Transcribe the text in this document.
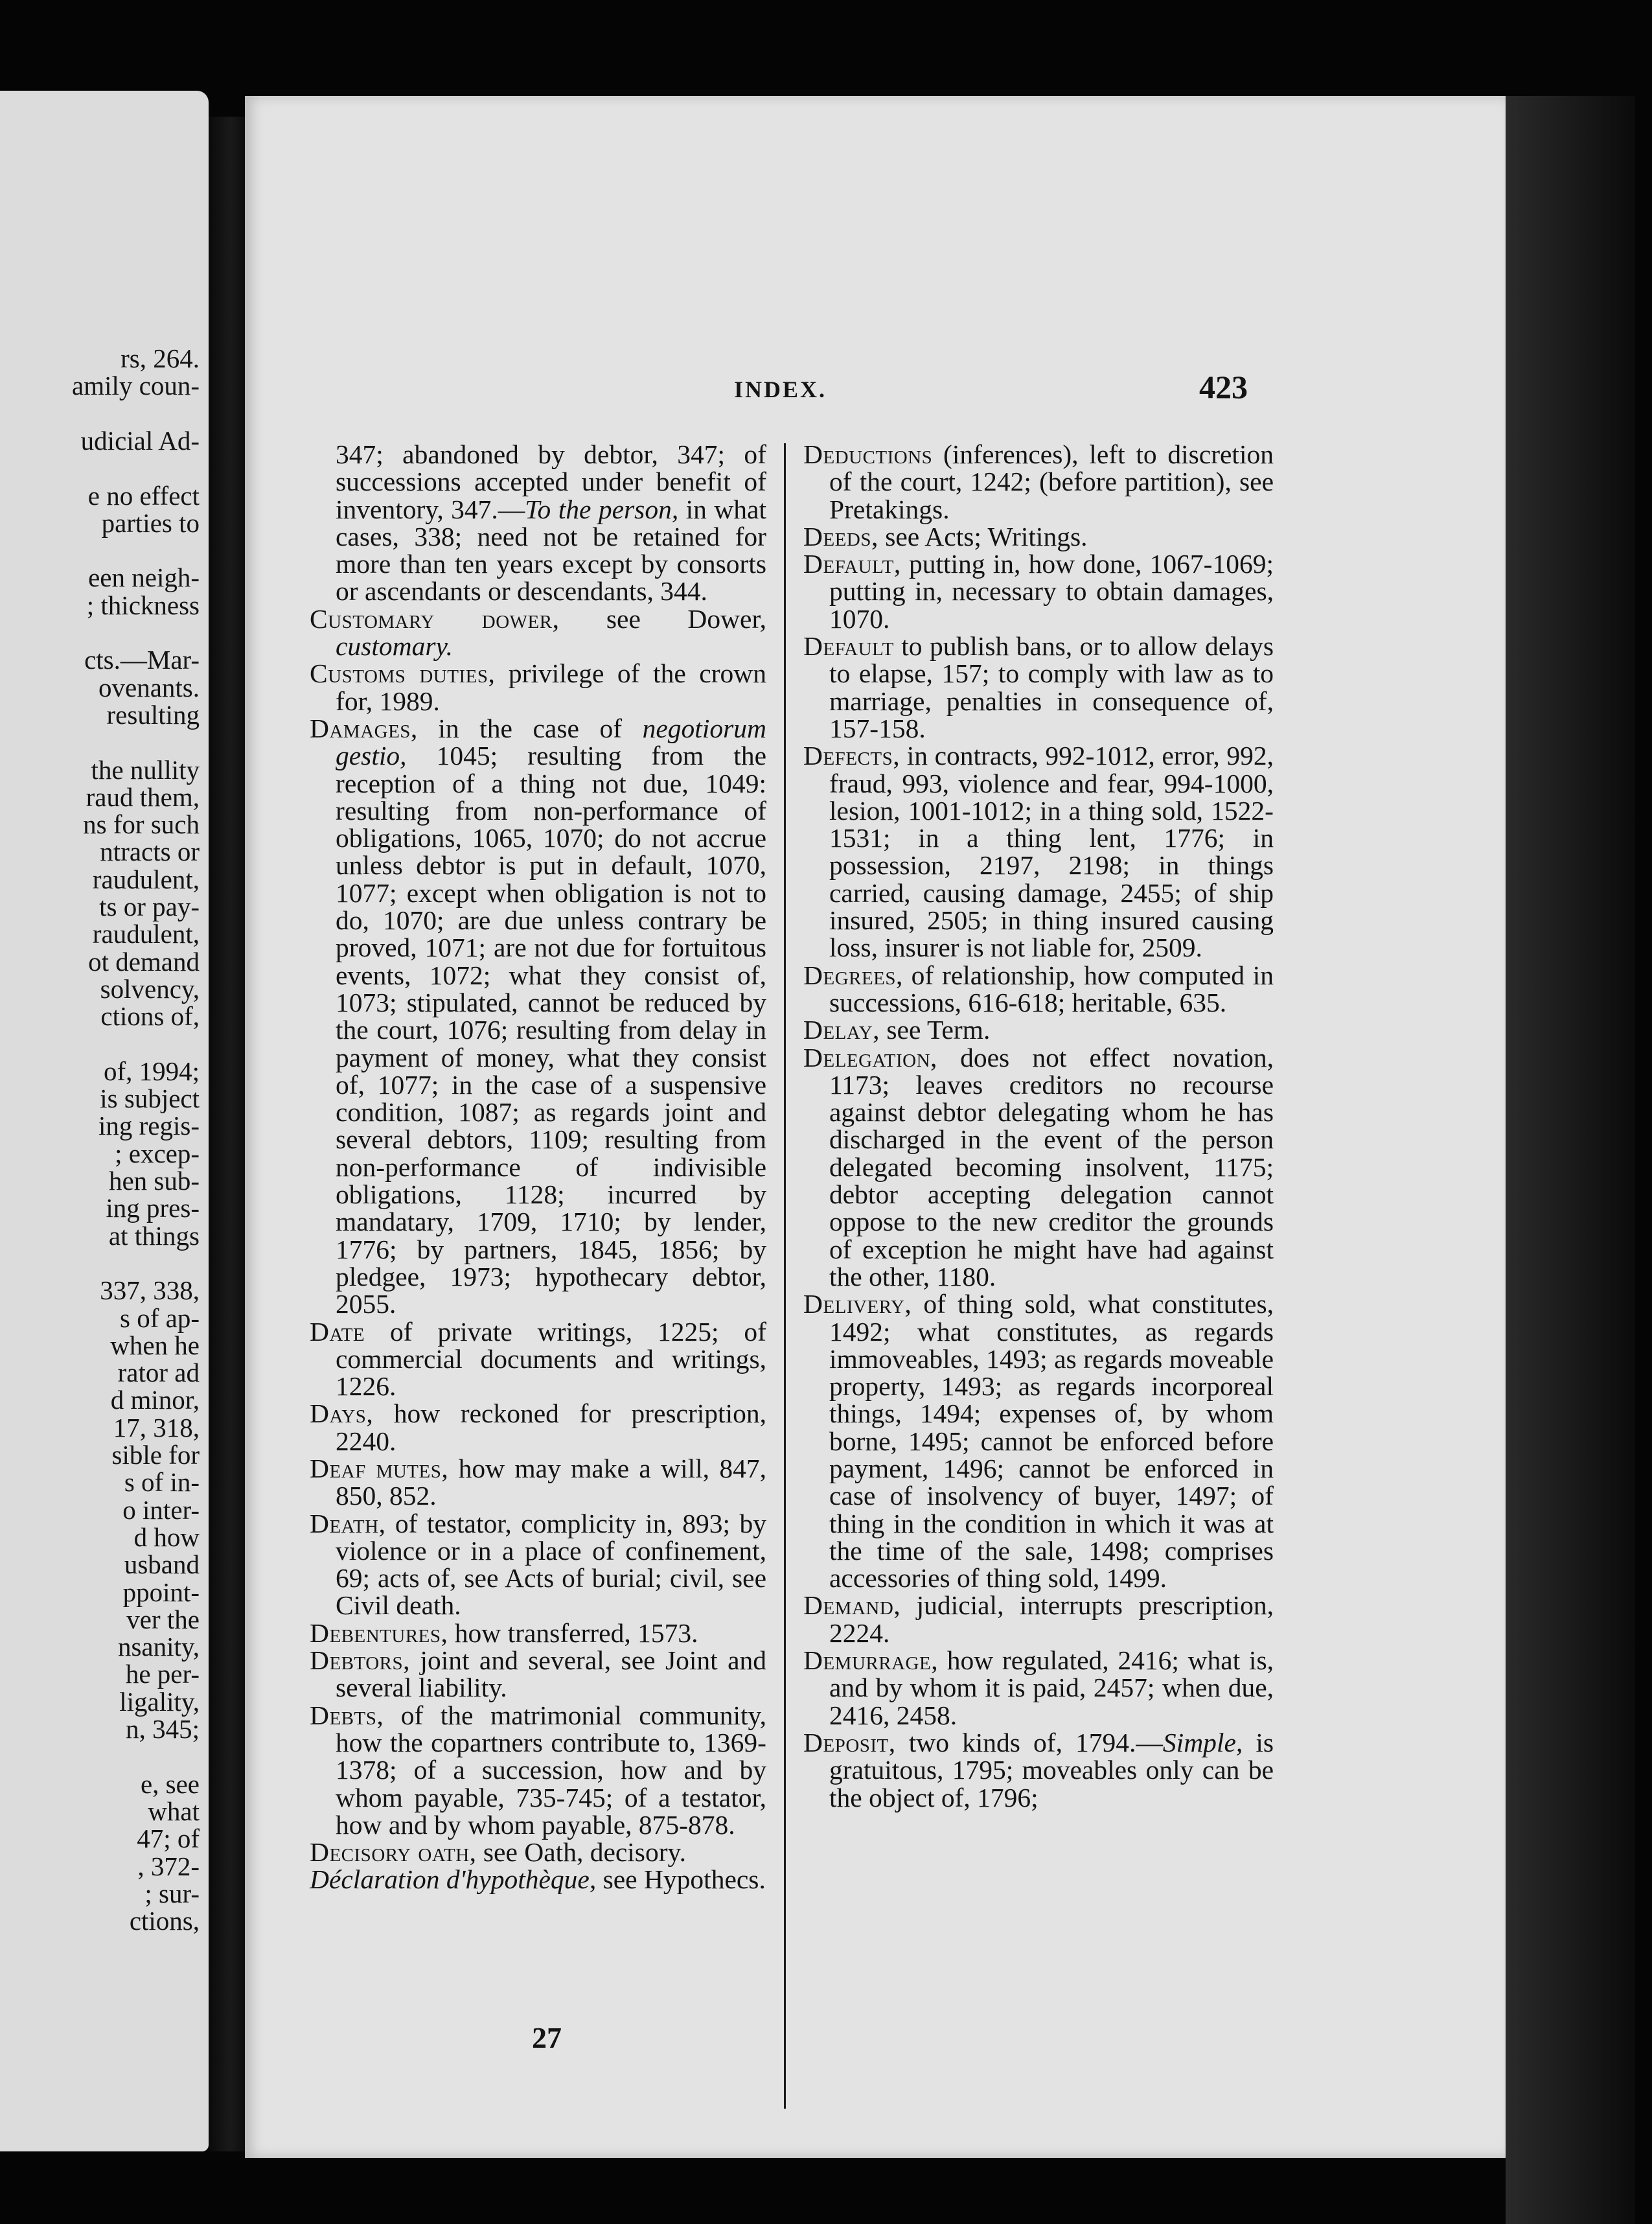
rs, 264.
amily coun-
udicial Ad-
e no effect
parties to
een neigh-
; thickness
cts.—Mar-
ovenants.
resulting
the nullity
raud them,
ns for such
ntracts or
raudulent,
ts or pay-
raudulent,
ot demand
solvency,
ctions of,
of, 1994;
is subject
ing regis-
; excep-
hen sub-
ing pres-
at things
337, 338,
s of ap-
when he
rator ad
d minor,
17, 318,
sible for
s of in-
o inter-
d how
usband
ppoint-
ver the
nsanity,
he per-
ligality,
n, 345;
e, see
what
47; of
, 372-
; sur-
ctions,
INDEX.	423

347; abandoned by debtor, 347; of successions accepted under benefit of inventory, 347.—To the person, in what cases, 338; need not be retained for more than ten years except by consorts or ascendants or descendants, 344.

Customary dower, see Dower, customary.

Customs duties, privilege of the crown for, 1989.

Damages, in the case of negotiorum gestio, 1045; resulting from the reception of a thing not due, 1049: resulting from non-performance of obligations, 1065, 1070; do not accrue unless debtor is put in default, 1070, 1077; except when obligation is not to do, 1070; are due unless contrary be proved, 1071; are not due for fortuitous events, 1072; what they consist of, 1073; stipulated, cannot be reduced by the court, 1076; resulting from delay in payment of money, what they consist of, 1077; in the case of a suspensive condition, 1087; as regards joint and several debtors, 1109; resulting from non-performance of indivisible obligations, 1128; incurred by mandatary, 1709, 1710; by lender, 1776; by partners, 1845, 1856; by pledgee, 1973; hypothecary debtor, 2055.

Date of private writings, 1225; of commercial documents and writings, 1226.

Days, how reckoned for prescription, 2240.

Deaf mutes, how may make a will, 847, 850, 852.

Death, of testator, complicity in, 893; by violence or in a place of confinement, 69; acts of, see Acts of burial; civil, see Civil death.

Debentures, how transferred, 1573.

Debtors, joint and several, see Joint and several liability.

Debts, of the matrimonial community, how the copartners contribute to, 1369-1378; of a succession, how and by whom payable, 735-745; of a testator, how and by whom payable, 875-878.

Decisory oath, see Oath, decisory.

Déclaration d'hypothèque, see Hypothecs.

Deductions (inferences), left to discretion of the court, 1242; (before partition), see Pretakings.

Deeds, see Acts; Writings.

Default, putting in, how done, 1067-1069; putting in, necessary to obtain damages, 1070.

Default to publish bans, or to allow delays to elapse, 157; to comply with law as to marriage, penalties in consequence of, 157-158.

Defects, in contracts, 992-1012, error, 992, fraud, 993, violence and fear, 994-1000, lesion, 1001-1012; in a thing sold, 1522-1531; in a thing lent, 1776; in possession, 2197, 2198; in things carried, causing damage, 2455; of ship insured, 2505; in thing insured causing loss, insurer is not liable for, 2509.

Degrees, of relationship, how computed in successions, 616-618; heritable, 635.

Delay, see Term.

Delegation, does not effect novation, 1173; leaves creditors no recourse against debtor delegating whom he has discharged in the event of the person delegated becoming insolvent, 1175; debtor accepting delegation cannot oppose to the new creditor the grounds of exception he might have had against the other, 1180.

Delivery, of thing sold, what constitutes, 1492; what constitutes, as regards immoveables, 1493; as regards moveable property, 1493; as regards incorporeal things, 1494; expenses of, by whom borne, 1495; cannot be enforced before payment, 1496; cannot be enforced in case of insolvency of buyer, 1497; of thing in the condition in which it was at the time of the sale, 1498; comprises accessories of thing sold, 1499.

Demand, judicial, interrupts prescription, 2224.

Demurrage, how regulated, 2416; what is, and by whom it is paid, 2457; when due, 2416, 2458.

Deposit, two kinds of, 1794.—Simple, is gratuitous, 1795; moveables only can be the object of, 1796;

27
